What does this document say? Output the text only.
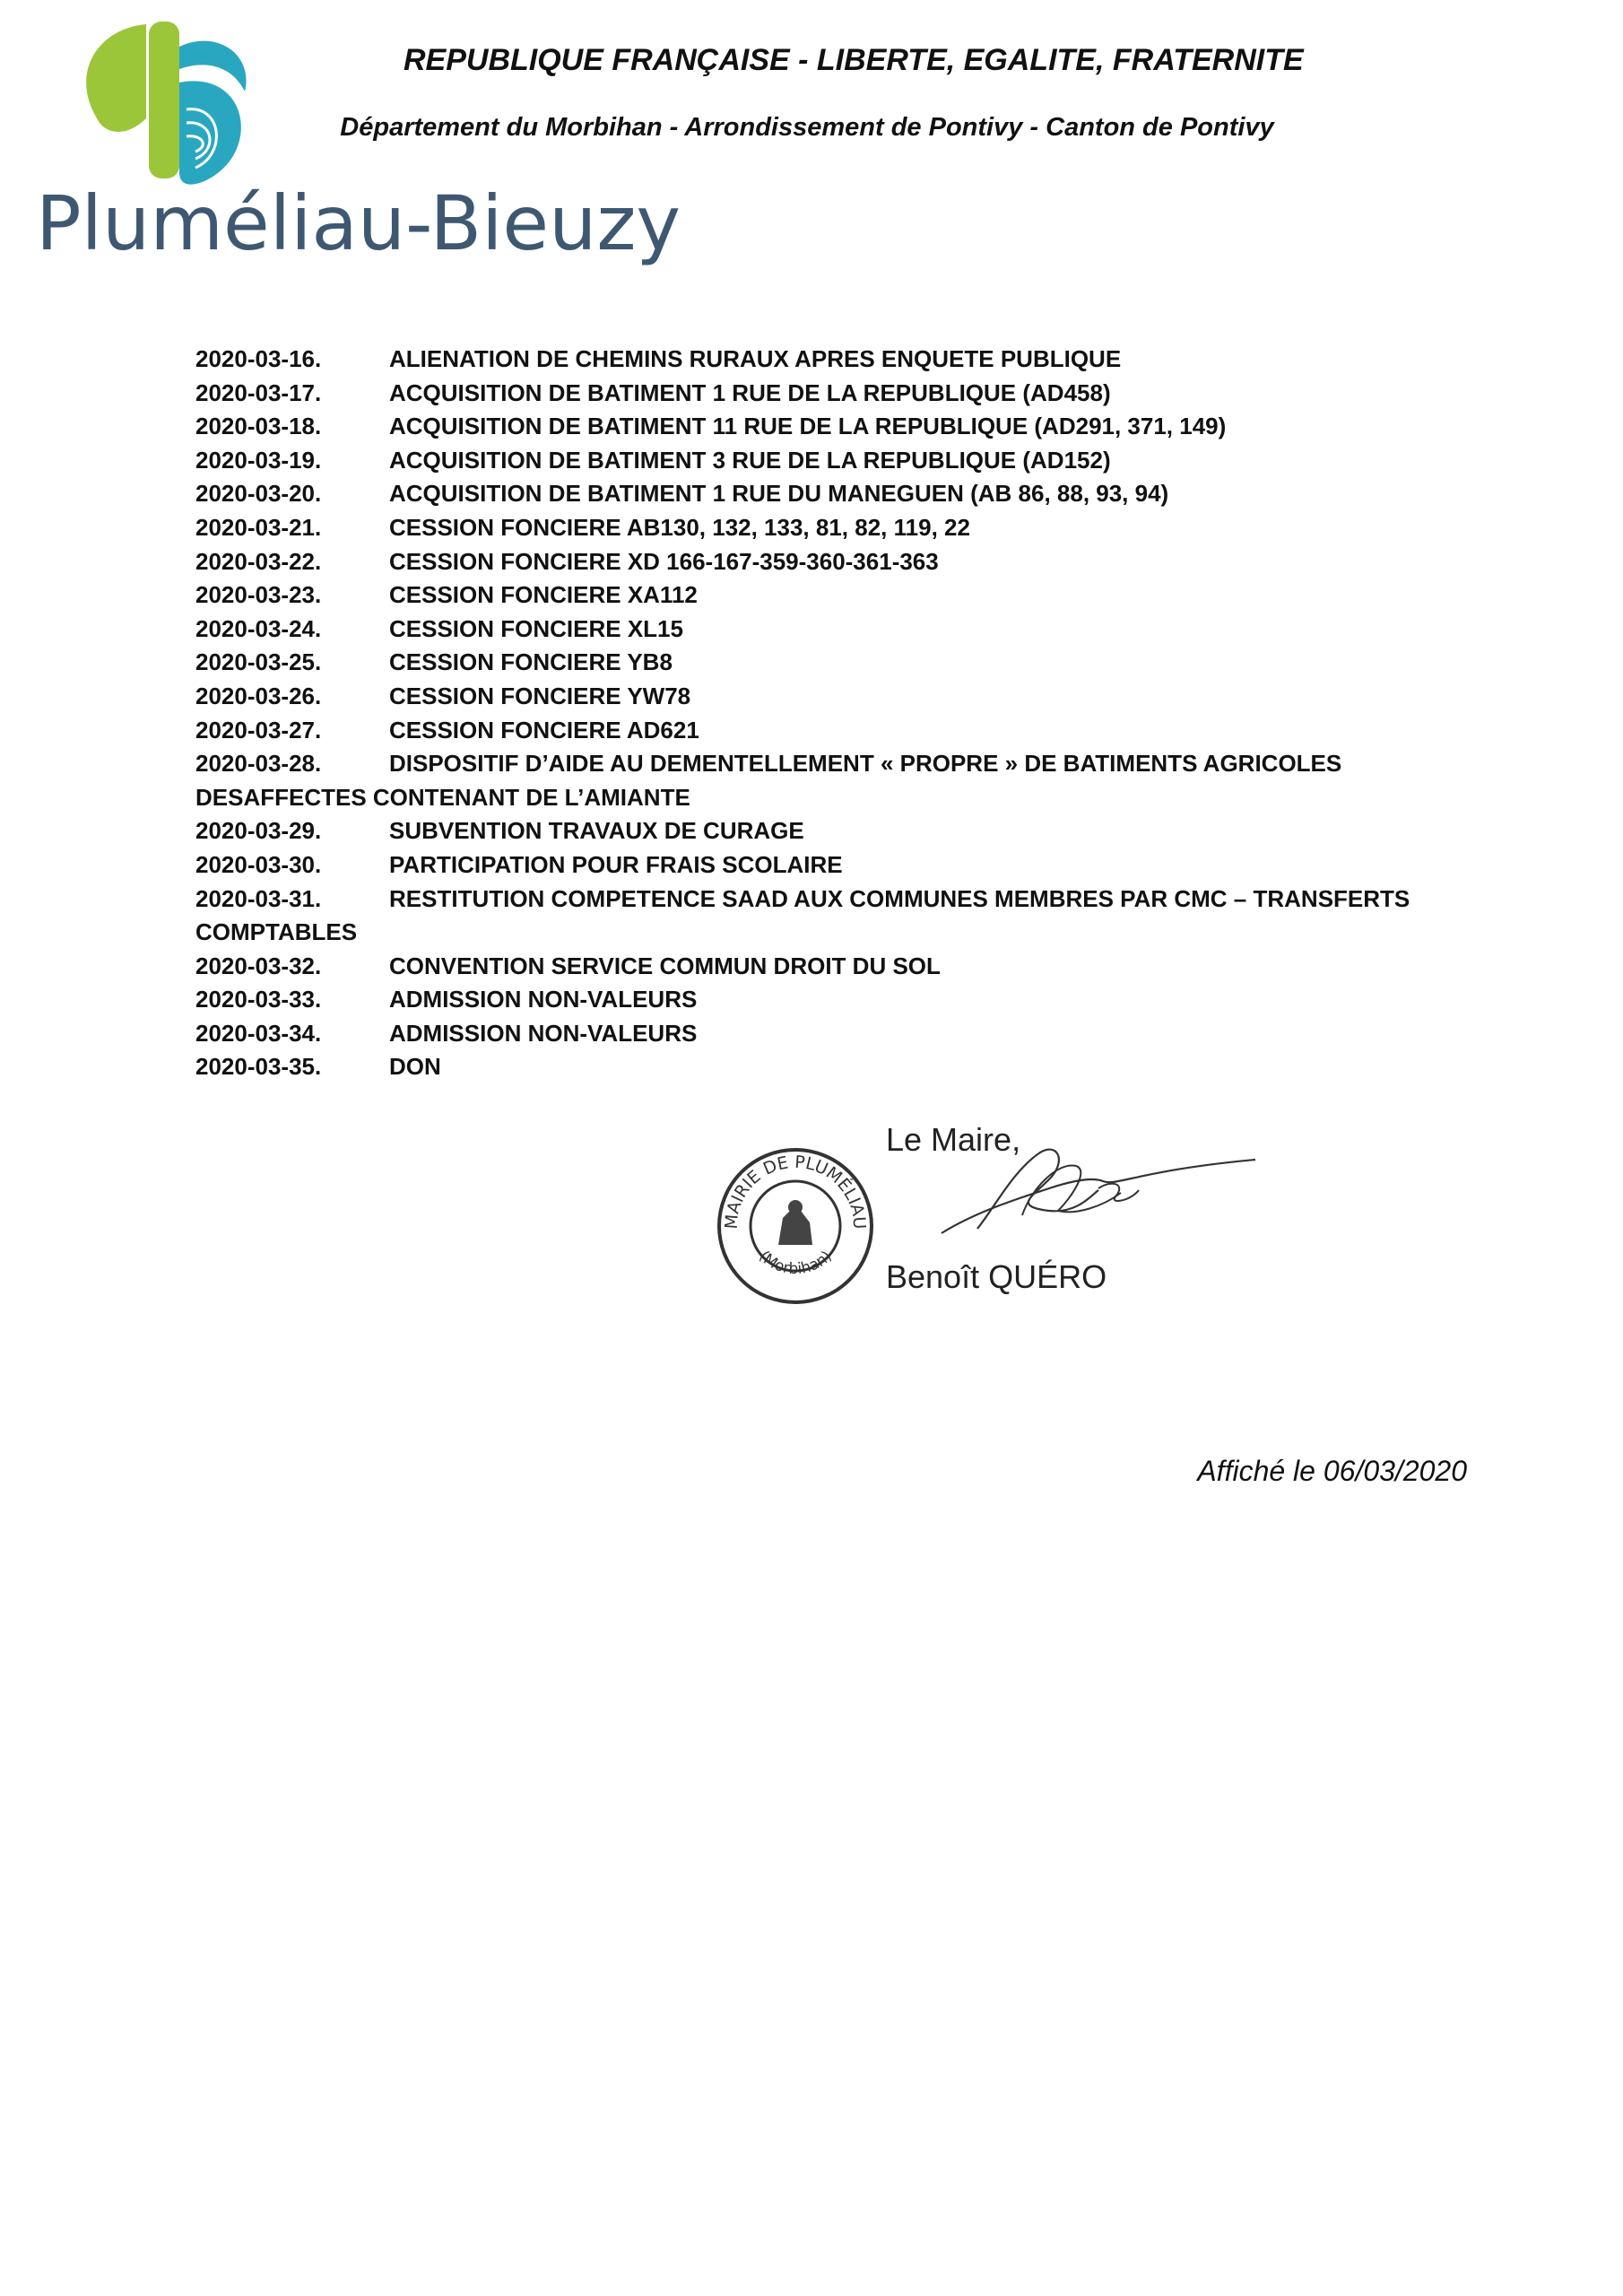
Pluméliau-Bieuzy
REPUBLIQUE FRANÇAISE - LIBERTE, EGALITE, FRATERNITE
Département du Morbihan - Arrondissement de Pontivy - Canton de Pontivy
2020-03-16.	ALIENATION DE CHEMINS RURAUX APRES ENQUETE PUBLIQUE
2020-03-17.	ACQUISITION DE BATIMENT 1 RUE DE LA REPUBLIQUE (AD458)
2020-03-18.	ACQUISITION DE BATIMENT 11 RUE DE LA REPUBLIQUE (AD291, 371, 149)
2020-03-19.	ACQUISITION DE BATIMENT 3 RUE DE LA REPUBLIQUE (AD152)
2020-03-20.	ACQUISITION DE BATIMENT 1 RUE DU MANEGUEN (AB 86, 88, 93, 94)
2020-03-21.	CESSION FONCIERE AB130, 132, 133, 81, 82, 119, 22
2020-03-22.	CESSION FONCIERE XD 166-167-359-360-361-363
2020-03-23.	CESSION FONCIERE XA112
2020-03-24.	CESSION FONCIERE XL15
2020-03-25.	CESSION FONCIERE YB8
2020-03-26.	CESSION FONCIERE YW78
2020-03-27.	CESSION FONCIERE AD621
2020-03-28.	DISPOSITIF D’AIDE AU DEMENTELLEMENT « PROPRE » DE BATIMENTS AGRICOLES
DESAFFECTES CONTENANT DE L’AMIANTE
2020-03-29.	SUBVENTION TRAVAUX DE CURAGE
2020-03-30.	PARTICIPATION POUR FRAIS SCOLAIRE
2020-03-31.	RESTITUTION COMPETENCE SAAD AUX COMMUNES MEMBRES PAR CMC – TRANSFERTS
COMPTABLES
2020-03-32.	CONVENTION SERVICE COMMUN DROIT DU SOL
2020-03-33.	ADMISSION NON-VALEURS
2020-03-34.	ADMISSION NON-VALEURS
2020-03-35.	DON
MAIRIE DE PLUMÉLIAU
(Morbihan)
Le Maire,
Benoît QUÉRO
Affiché le 06/03/2020
